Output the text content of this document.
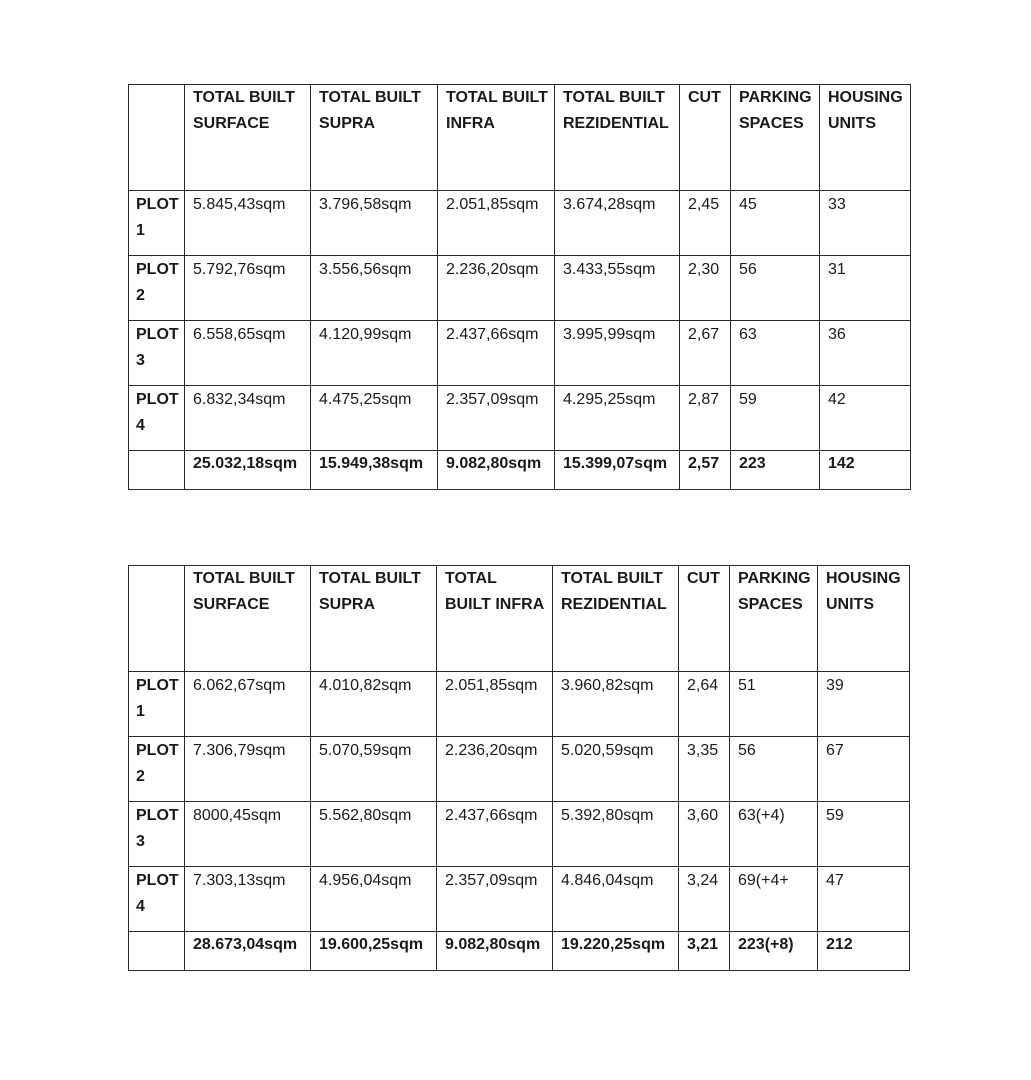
	TOTAL BUILT SURFACE	TOTAL BUILT SUPRA	TOTAL BUILT INFRA	TOTAL BUILT REZIDENTIAL	CUT	PARKING SPACES	HOUSING UNITS
PLOT 1	5.845,43sqm	3.796,58sqm	2.051,85sqm	3.674,28sqm	2,45	45	33
PLOT 2	5.792,76sqm	3.556,56sqm	2.236,20sqm	3.433,55sqm	2,30	56	31
PLOT 3	6.558,65sqm	4.120,99sqm	2.437,66sqm	3.995,99sqm	2,67	63	36
PLOT 4	6.832,34sqm	4.475,25sqm	2.357,09sqm	4.295,25sqm	2,87	59	42
	25.032,18sqm	15.949,38sqm	9.082,80sqm	15.399,07sqm	2,57	223	142
	TOTAL BUILT SURFACE	TOTAL BUILT SUPRA	TOTAL BUILT INFRA	TOTAL BUILT REZIDENTIAL	CUT	PARKING SPACES	HOUSING UNITS
PLOT 1	6.062,67sqm	4.010,82sqm	2.051,85sqm	3.960,82sqm	2,64	51	39
PLOT 2	7.306,79sqm	5.070,59sqm	2.236,20sqm	5.020,59sqm	3,35	56	67
PLOT 3	8000,45sqm	5.562,80sqm	2.437,66sqm	5.392,80sqm	3,60	63(+4)	59
PLOT 4	7.303,13sqm	4.956,04sqm	2.357,09sqm	4.846,04sqm	3,24	69(+4+	47
	28.673,04sqm	19.600,25sqm	9.082,80sqm	19.220,25sqm	3,21	223(+8)	212
